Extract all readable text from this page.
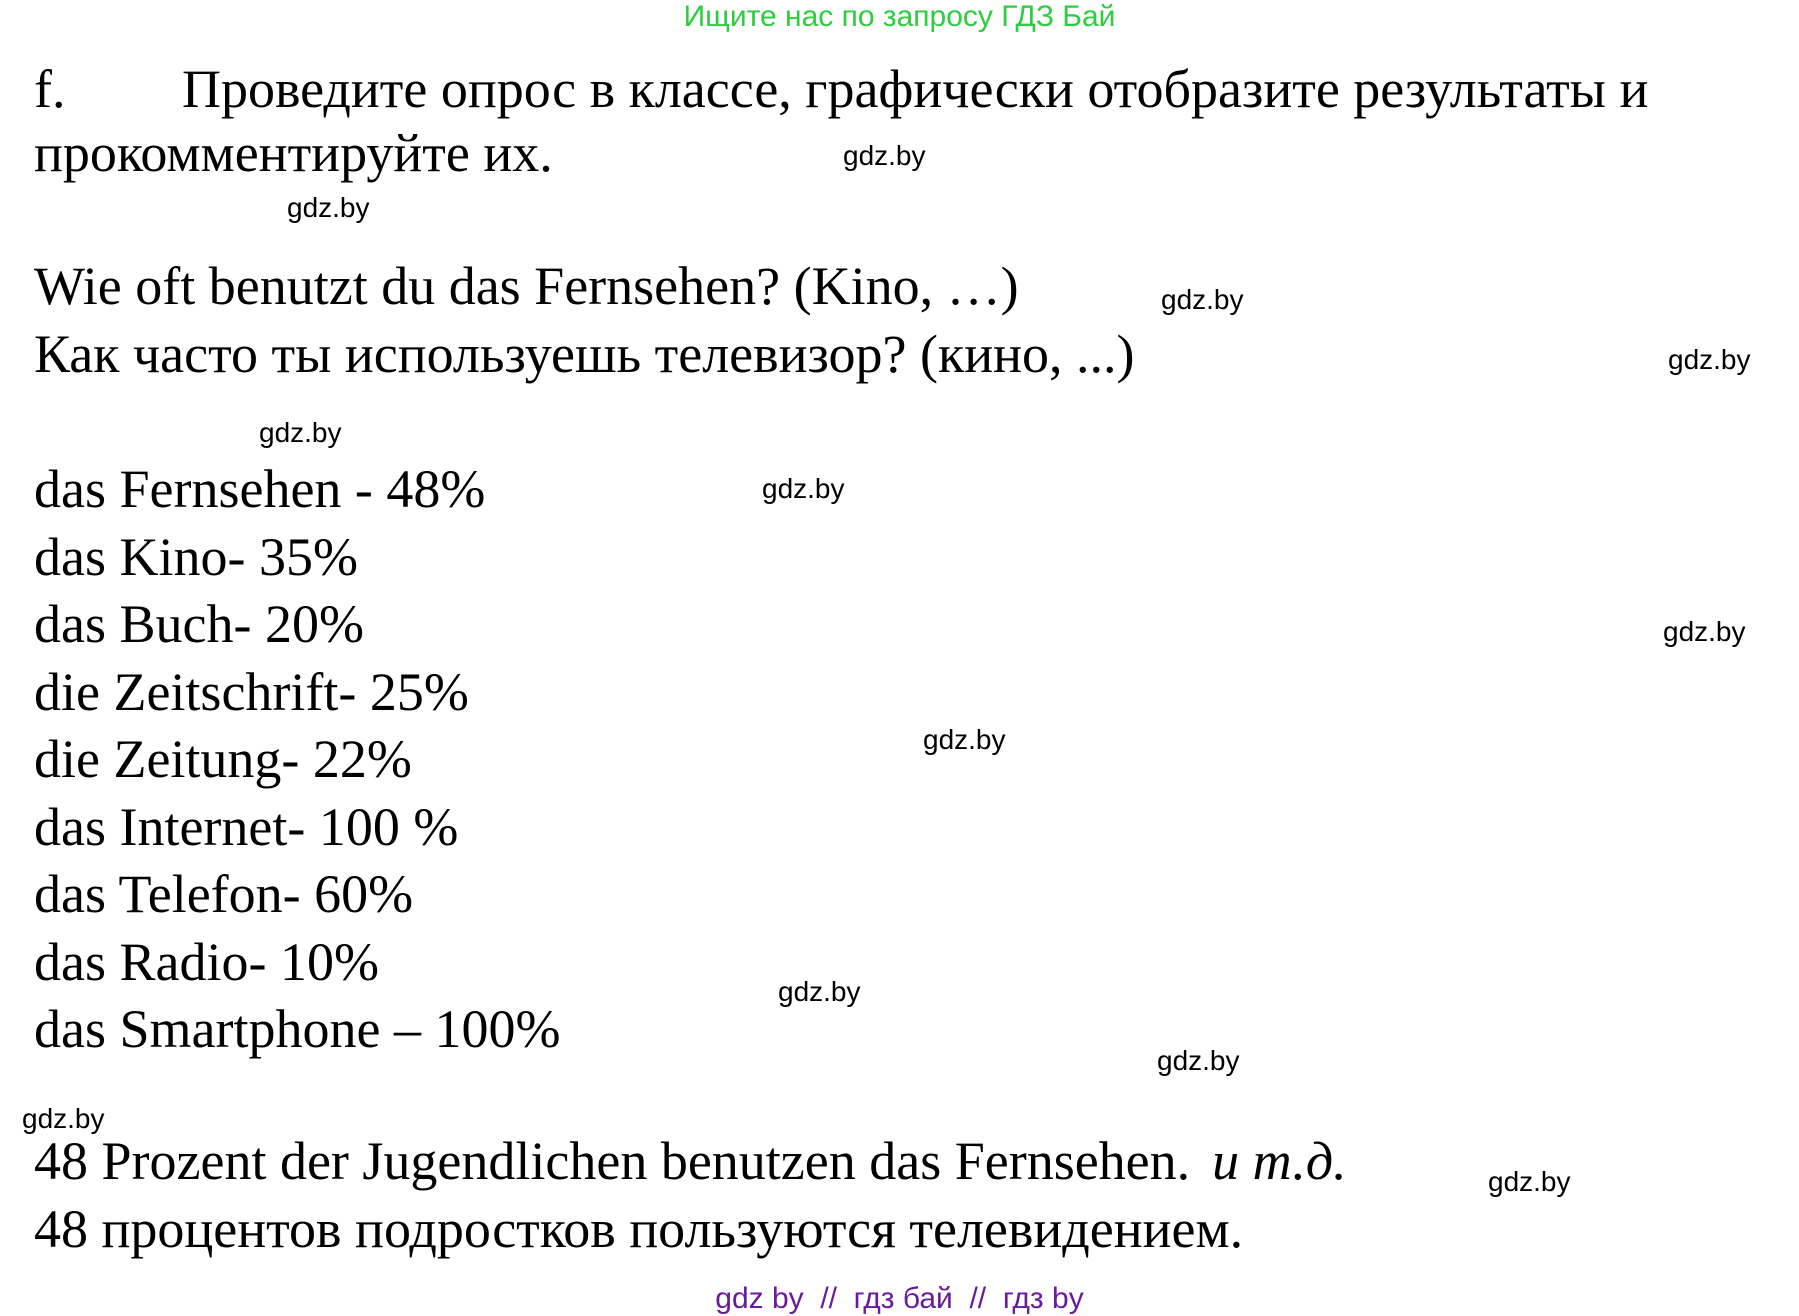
Ищите нас по запросу ГДЗ Бай
f. Проведите опрос в классе, графически отобразите результаты и
прокомментируйте их.
Wie oft benutzt du das Fernsehen? (Kino, …)
Как часто ты используешь телевизор? (кино, ...)
das Fernsehen - 48%
das Kino- 35%
das Buch- 20%
die Zeitschrift- 25%
die Zeitung- 22%
das Internet- 100 %
das Telefon- 60%
das Radio- 10%
das Smartphone – 100%
48 Prozent der Jugendlichen benutzen das Fernsehen. и т.д.
48 процентов подростков пользуются телевидением.
gdz.by
gdz.by
gdz.by
gdz.by
gdz.by
gdz.by
gdz.by
gdz.by
gdz.by
gdz.by
gdz.by
gdz.by
gdz by  //  гдз бай  //  гдз by
